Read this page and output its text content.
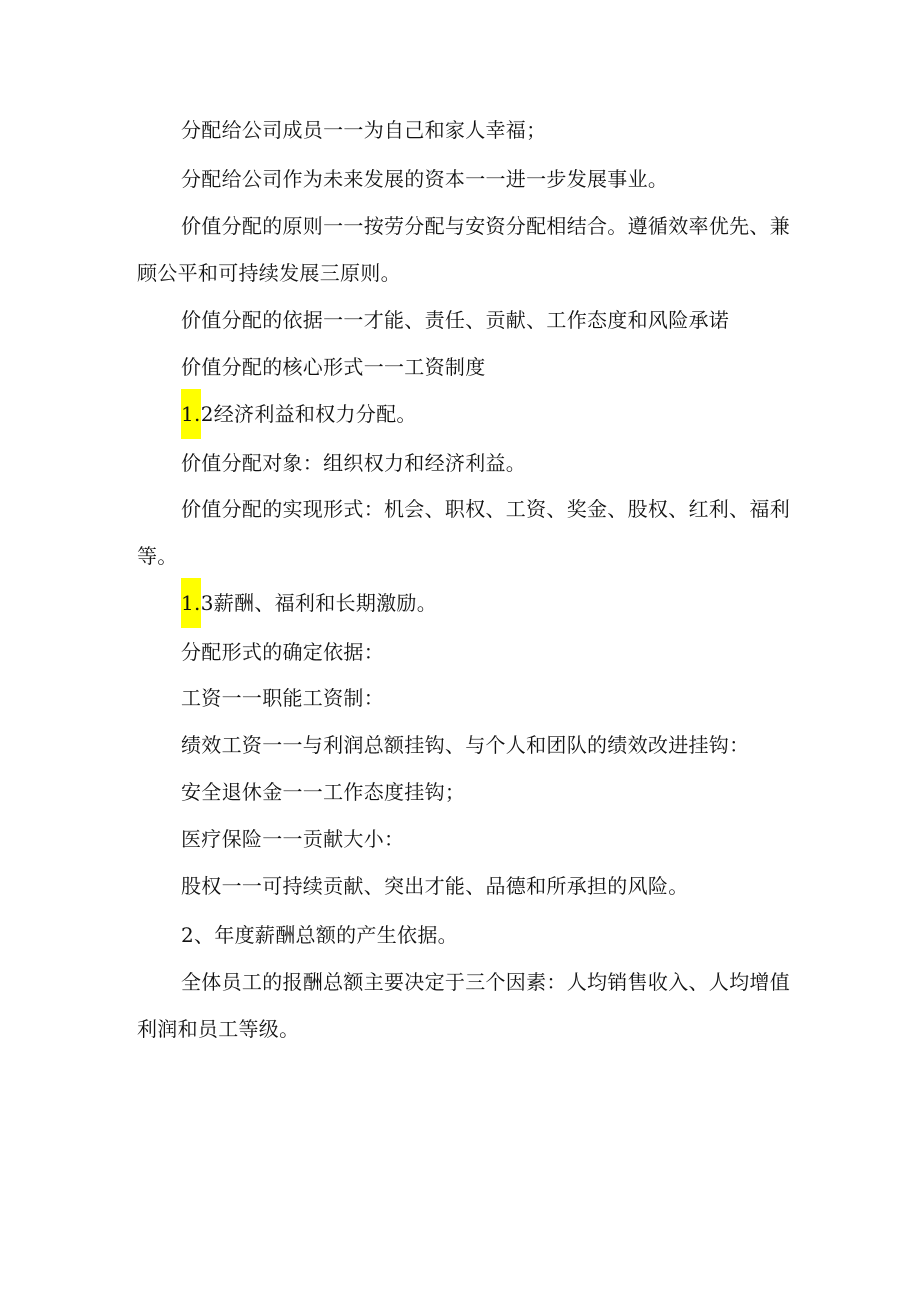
分配给公司成员一一为自己和家人幸福；
分配给公司作为未来发展的资本一一进一步发展事业。
价值分配的原则一一按劳分配与安资分配相结合。遵循效率优先、兼
顾公平和可持续发展三原则。
价值分配的依据一一才能、责任、贡献、工作态度和风险承诺
价值分配的核心形式一一工资制度
1.2经济利益和权力分配。
价值分配对象：组织权力和经济利益。
价值分配的实现形式：机会、职权、工资、奖金、股权、红利、福利
等。
1.3薪酬、福利和长期激励。
分配形式的确定依据：
工资一一职能工资制：
绩效工资一一与利润总额挂钩、与个人和团队的绩效改进挂钩：
安全退休金一一工作态度挂钩；
医疗保险一一贡献大小：
股权一一可持续贡献、突出才能、品德和所承担的风险。
2、年度薪酬总额的产生依据。
全体员工的报酬总额主要决定于三个因素：人均销售收入、人均增值
利润和员工等级。
